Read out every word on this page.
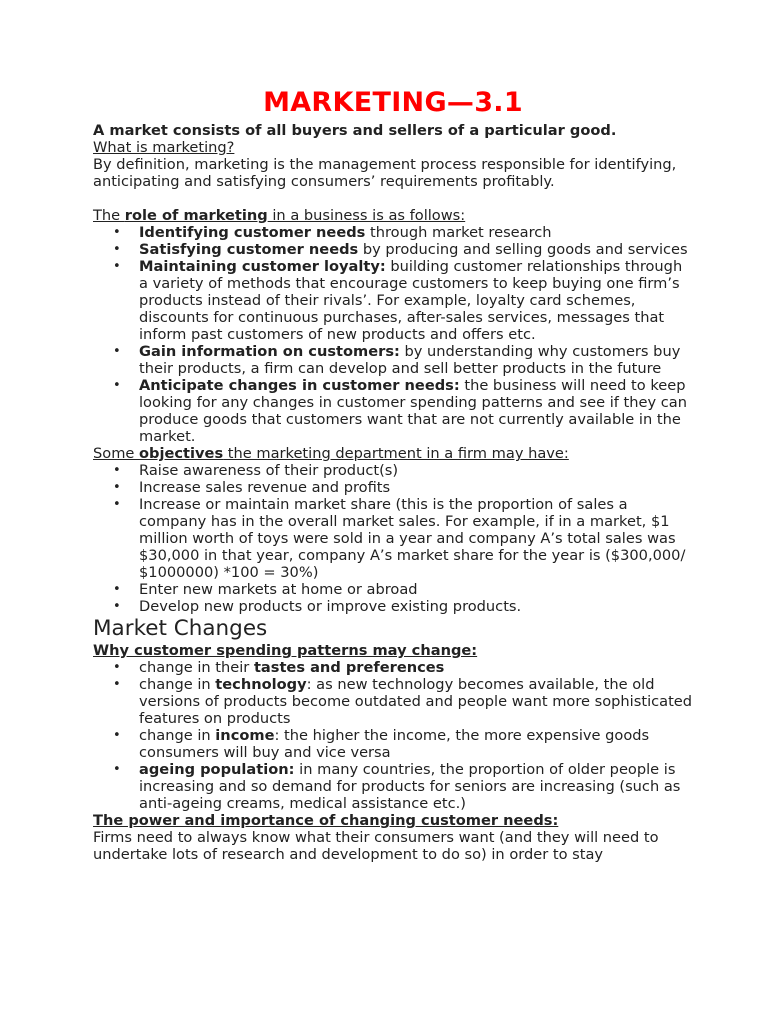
MARKETING—3.1

A market consists of all buyers and sellers of a particular good.

What is marketing?

By definition, marketing is the management process responsible for identifying, anticipating and satisfying consumers’ requirements profitably.

The role of marketing in a business is as follows:

• Identifying customer needs through market research
• Satisfying customer needs by producing and selling goods and services
• Maintaining customer loyalty: building customer relationships through a variety of methods that encourage customers to keep buying one firm’s products instead of their rivals’. For example, loyalty card schemes, discounts for continuous purchases, after-sales services, messages that inform past customers of new products and offers etc.
• Gain information on customers: by understanding why customers buy their products, a firm can develop and sell better products in the future
• Anticipate changes in customer needs: the business will need to keep looking for any changes in customer spending patterns and see if they can produce goods that customers want that are not currently available in the market.

Some objectives the marketing department in a firm may have:

• Raise awareness of their product(s)
• Increase sales revenue and profits
• Increase or maintain market share (this is the proportion of sales a company has in the overall market sales. For example, if in a market, $1 million worth of toys were sold in a year and company A’s total sales was $30,000 in that year, company A’s market share for the year is ($300,000/ $1000000) *100 = 30%)
• Enter new markets at home or abroad
• Develop new products or improve existing products.
Market Changes

Why customer spending patterns may change:

• change in their tastes and preferences
• change in technology: as new technology becomes available, the old versions of products become outdated and people want more sophisticated features on products
• change in income: the higher the income, the more expensive goods consumers will buy and vice versa
• ageing population: in many countries, the proportion of older people is increasing and so demand for products for seniors are increasing (such as anti-ageing creams, medical assistance etc.)

The power and importance of changing customer needs:

Firms need to always know what their consumers want (and they will need to undertake lots of research and development to do so) in order to stay
